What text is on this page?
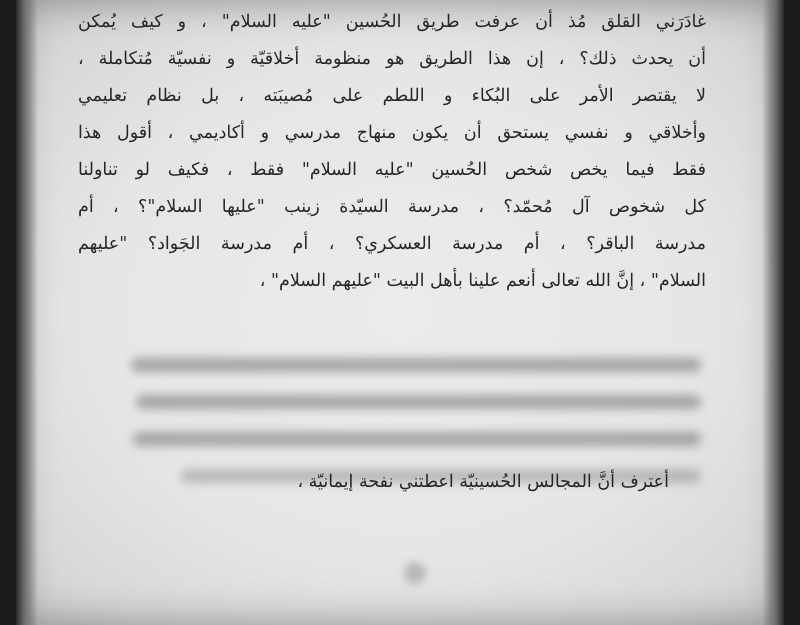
غادَرَني القلق مُذ أن عرفت طريق الحُسين "عليه السلام" ، و كيف يُمكن
أن يحدث ذلك؟ ، إن هذا الطريق هو منظومة أخلاقيّة و نفسيّة مُتكاملة ،
لا يقتصر الأمر على البُكاء و اللطم على مُصيبَته ، بل نظام تعليمي
وأخلاقي و نفسي يستحق أن يكون منهاج مدرسي و أكاديمي ، أقول هذا
فقط فيما يخص شخص الحُسين "عليه السلام" فقط ، فكيف لو تناولنا
كل شخوص آل مُحمّد؟ ، مدرسة السيّدة زينب "عليها السلام"؟ ، أم
مدرسة الباقر؟ ، أم مدرسة العسكري؟ ، أم مدرسة الجَواد؟ "عليهم
السلام" ، إنَّ الله تعالى أنعم علينا بأهل البيت "عليهم السلام" ،
أعترف أنَّ المجالس الحُسينيّة اعطتني نفحة إيمانيّة ،
